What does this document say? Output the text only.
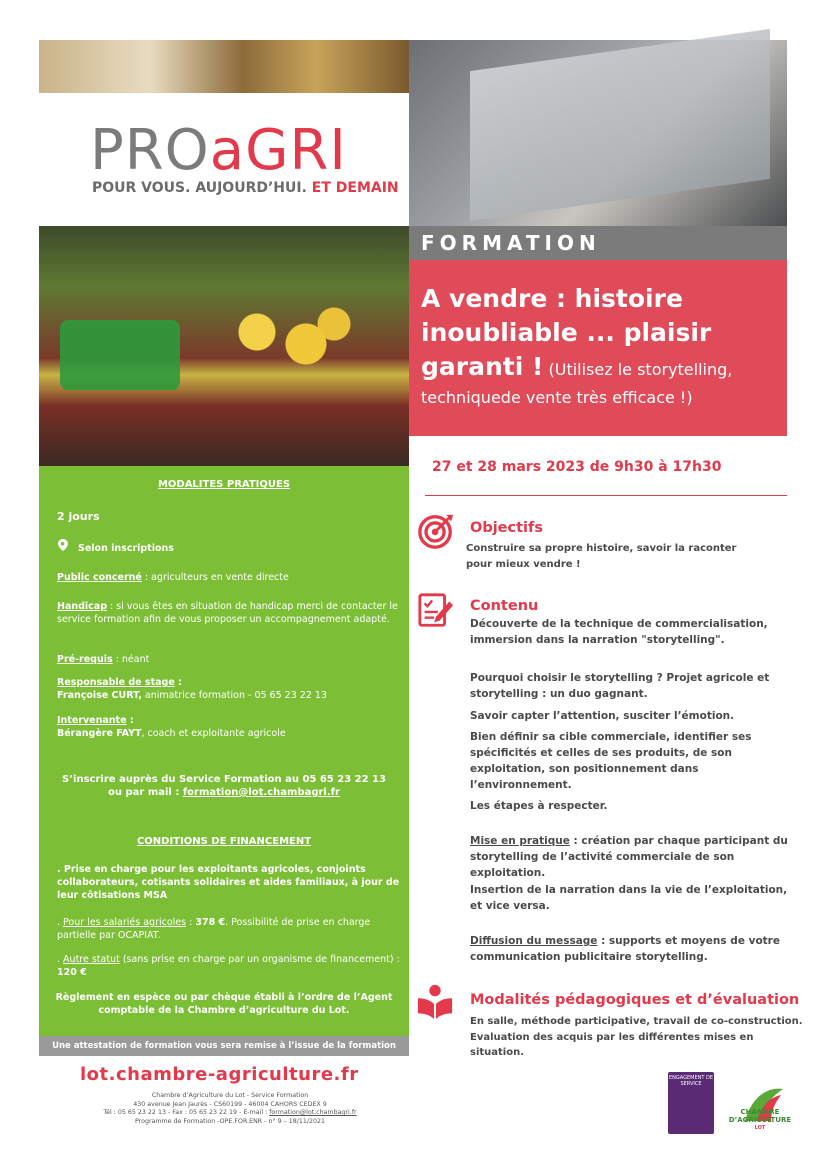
PROaGRI
POUR VOUS. AUJOURD’HUI. ET DEMAIN
FORMATION
A vendre : histoire inoubliable ... plaisir garanti ! (Utilisez le storytelling, techniquede vente très efficace !)
27 et 28 mars 2023 de 9h30 à 17h30
MODALITES PRATIQUES
2 jours
Selon inscriptions
Public concerné : agriculteurs en vente directe
Handicap : si vous êtes en situation de handicap merci de contacter le service formation afin de vous proposer un accompagnement adapté.
Pré-requis : néant
Responsable de stage :
Françoise CURT, animatrice formation - 05 65 23 22 13
Intervenante :
Bérangère FAYT, coach et exploitante agricole
S’inscrire auprès du Service Formation au 05 65 23 22 13
ou par mail : formation@lot.chambagri.fr
CONDITIONS DE FINANCEMENT
. Prise en charge pour les exploitants agricoles, conjoints collaborateurs, cotisants solidaires et aides familiaux, à jour de leur côtisations MSA
. Pour les salariés agricoles : 378 €. Possibilité de prise en charge partielle par OCAPIAT.
. Autre statut (sans prise en charge par un organisme de financement) : 120 €
Règlement en espèce ou par chèque établi à l’ordre de l’Agent comptable de la Chambre d’agriculture du Lot.
Une attestation de formation vous sera remise à l’issue de la formation
lot.chambre-agriculture.fr
Chambre d’Agriculture du Lot - Service Formation
430 avenue Jean Jaurès - CS60199 - 46004 CAHORS CEDEX 9
Tél : 05 65 23 22 13 - Fax : 05 65 23 22 19 - E-mail : formation@lot.chambagri.fr
Programme de Formation -OPE.FOR.ENR - n° 9 – 18/11/2021
Objectifs
Construire sa propre histoire, savoir la raconter pour mieux vendre !
Contenu
Découverte de la technique de commercialisation, immersion dans la narration "storytelling".
Pourquoi choisir le storytelling ? Projet agricole et storytelling : un duo gagnant.
Savoir capter l’attention, susciter l’émotion.
Bien définir sa cible commerciale, identifier ses spécificités et celles de ses produits, de son exploitation, son positionnement dans l’environnement.
Les étapes à respecter.
Mise en pratique : création par chaque participant du storytelling de l’activité commerciale de son exploitation.
Insertion de la narration dans la vie de l’exploitation, et vice versa.
Diffusion du message : supports et moyens de votre communication publicitaire storytelling.
Modalités pédagogiques et d’évaluation
En salle, méthode participative, travail de co-construction.
Evaluation des acquis par les différentes mises en situation.
ENGAGEMENT DE SERVICE
CHAMBRE
D’AGRICULTURE
LOT
